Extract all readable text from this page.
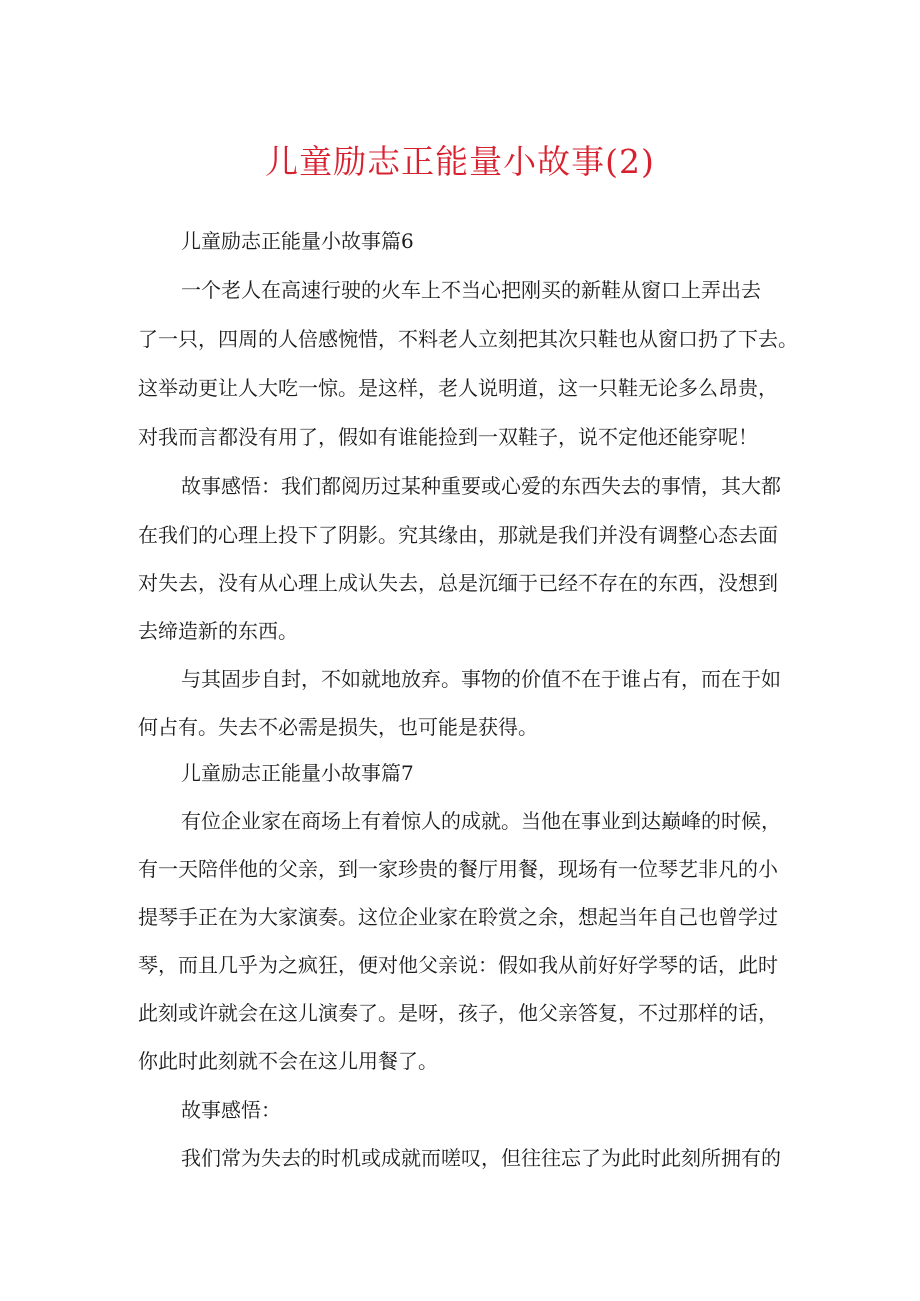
儿童励志正能量小故事(2)
儿童励志正能量小故事篇6
一个老人在高速行驶的火车上不当心把刚买的新鞋从窗口上弄出去
了一只，四周的人倍感惋惜，不料老人立刻把其次只鞋也从窗口扔了下去。
这举动更让人大吃一惊。是这样，老人说明道，这一只鞋无论多么昂贵，
对我而言都没有用了，假如有谁能捡到一双鞋子，说不定他还能穿呢！
故事感悟：我们都阅历过某种重要或心爱的东西失去的事情，其大都
在我们的心理上投下了阴影。究其缘由，那就是我们并没有调整心态去面
对失去，没有从心理上成认失去，总是沉缅于已经不存在的东西，没想到
去缔造新的东西。
与其固步自封，不如就地放弃。事物的价值不在于谁占有，而在于如
何占有。失去不必需是损失，也可能是获得。
儿童励志正能量小故事篇7
有位企业家在商场上有着惊人的成就。当他在事业到达巅峰的时候，
有一天陪伴他的父亲，到一家珍贵的餐厅用餐，现场有一位琴艺非凡的小
提琴手正在为大家演奏。这位企业家在聆赏之余，想起当年自己也曾学过
琴，而且几乎为之疯狂，便对他父亲说：假如我从前好好学琴的话，此时
此刻或许就会在这儿演奏了。是呀，孩子，他父亲答复，不过那样的话，
你此时此刻就不会在这儿用餐了。
故事感悟：
我们常为失去的时机或成就而嗟叹，但往往忘了为此时此刻所拥有的
